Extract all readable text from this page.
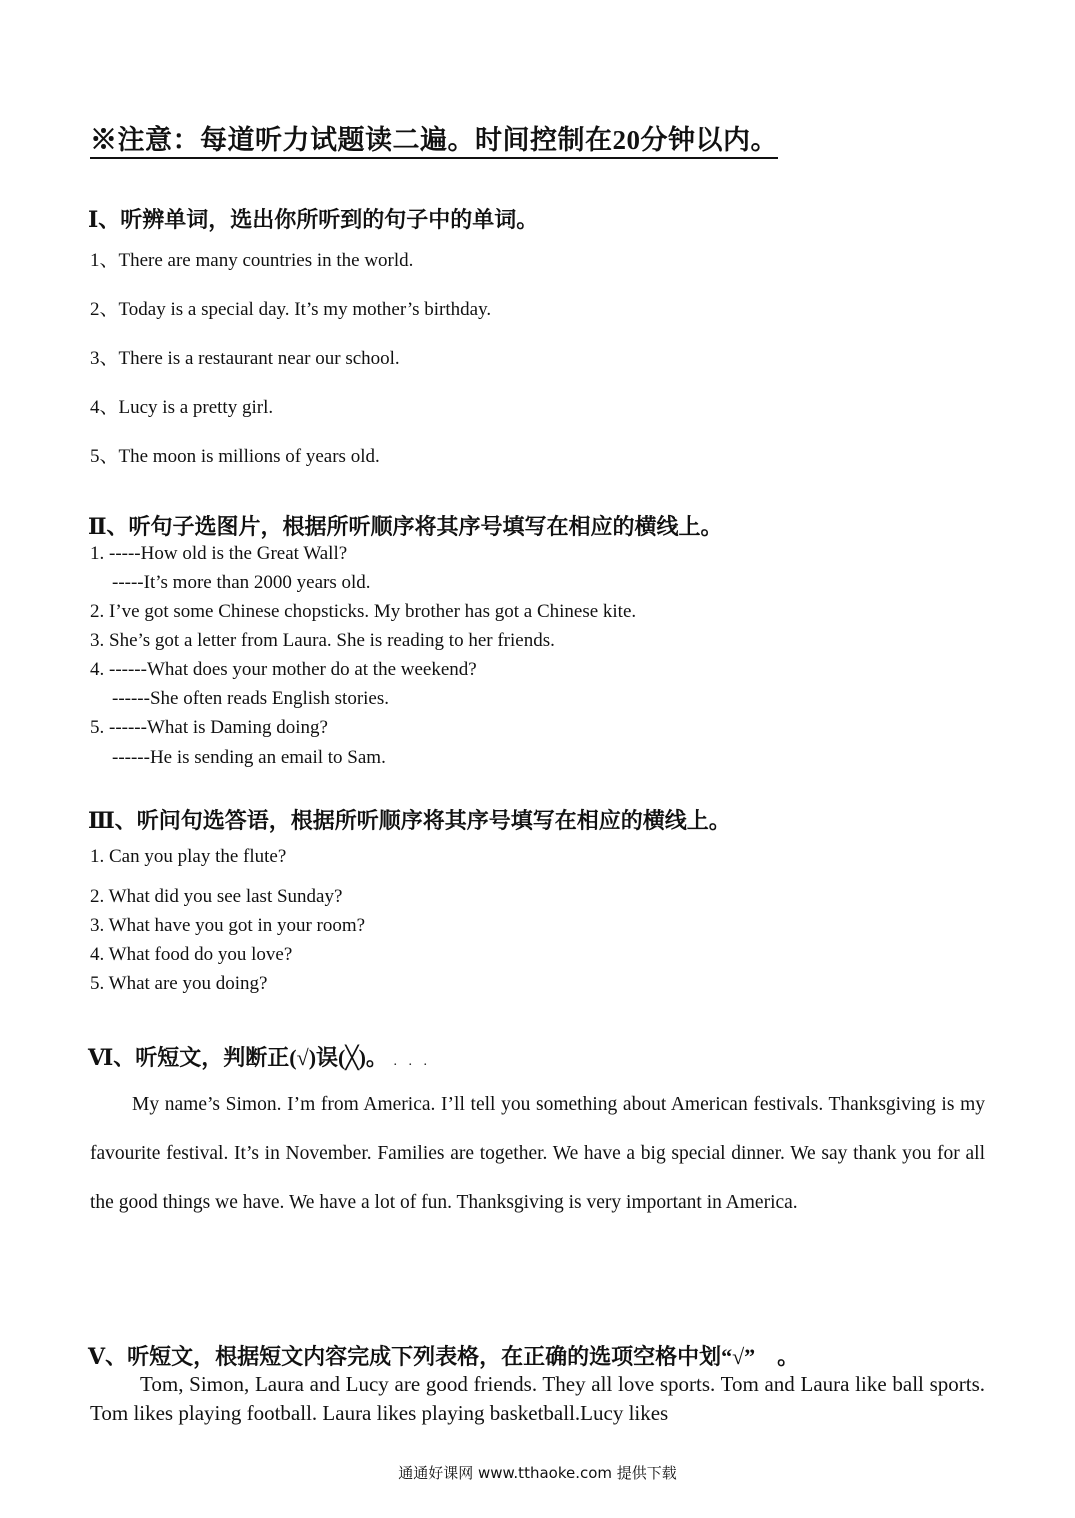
※注意：每道听力试题读二遍。时间控制在20分钟以内。
Ⅰ、听辨单词，选出你所听到的句子中的单词。
1、There are many countries in the world.
2、Today is a special day. It’s my mother’s birthday.
3、There is a restaurant near our school.
4、Lucy is a pretty girl.
5、The moon is millions of years old.
Ⅱ、听句子选图片，根据所听顺序将其序号填写在相应的横线上。
1. -----How old is the Great Wall?
-----It’s more than 2000 years old.
2. I’ve got some Chinese chopsticks. My brother has got a Chinese kite.
3. She’s got a letter from Laura. She is reading to her friends.
4. ------What does your mother do at the weekend?
------She often reads English stories.
5. ------What is Daming doing?
------He is sending an email to Sam.
Ⅲ、听问句选答语，根据所听顺序将其序号填写在相应的横线上。
1. Can you play the flute?
2. What did you see last Sunday?
3. What have you got in your room?
4. What food do you love?
5. What are you doing?
Ⅵ、听短文，判断正(√)误(╳)。 . . .
My name’s Simon. I’m from America. I’ll tell you something about American festivals. Thanksgiving is my favourite festival. It’s in November. Families are together. We have a big special dinner. We say thank you for all the good things we have. We have a lot of fun. Thanksgiving is very important in America.
Ⅴ、听短文，根据短文内容完成下列表格，在正确的选项空格中划“√”　。
Tom, Simon, Laura and Lucy are good friends. They all love sports. Tom and Laura like ball sports. Tom likes playing football. Laura likes playing basketball.Lucy likes
通通好课网 www.tthaoke.com 提供下载
